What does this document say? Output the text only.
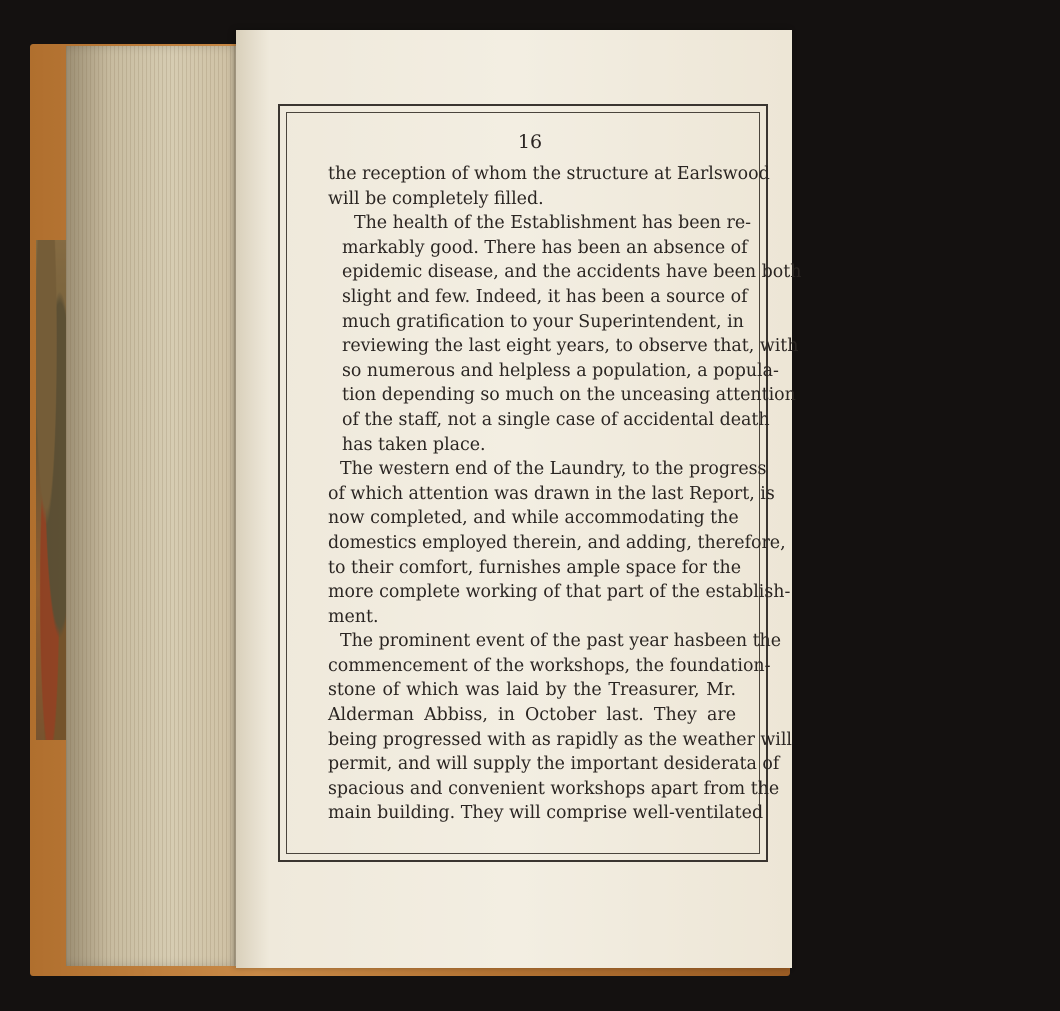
16

the reception of whom the structure at Earlswood
will be completely filled.

The health of the Establishment has been re-
markably good. There has been an absence of
epidemic disease, and the accidents have been both
slight and few. Indeed, it has been a source of
much gratification to your Superintendent, in
reviewing the last eight years, to observe that, with
so numerous and helpless a population, a popula-
tion depending so much on the unceasing attention
of the staff, not a single case of accidental death
has taken place.

The western end of the Laundry, to the progress
of which attention was drawn in the last Report, is
now completed, and while accommodating the
domestics employed therein, and adding, therefore,
to their comfort, furnishes ample space for the
more complete working of that part of the establish-
ment.

The prominent event of the past year hasbeen the
commencement of the workshops, the foundation-
stone of which was laid by the Treasurer, Mr.
Alderman Abbiss, in October last. They are
being progressed with as rapidly as the weather will
permit, and will supply the important desiderata of
spacious and convenient workshops apart from the
main building. They will comprise well-ventilated
